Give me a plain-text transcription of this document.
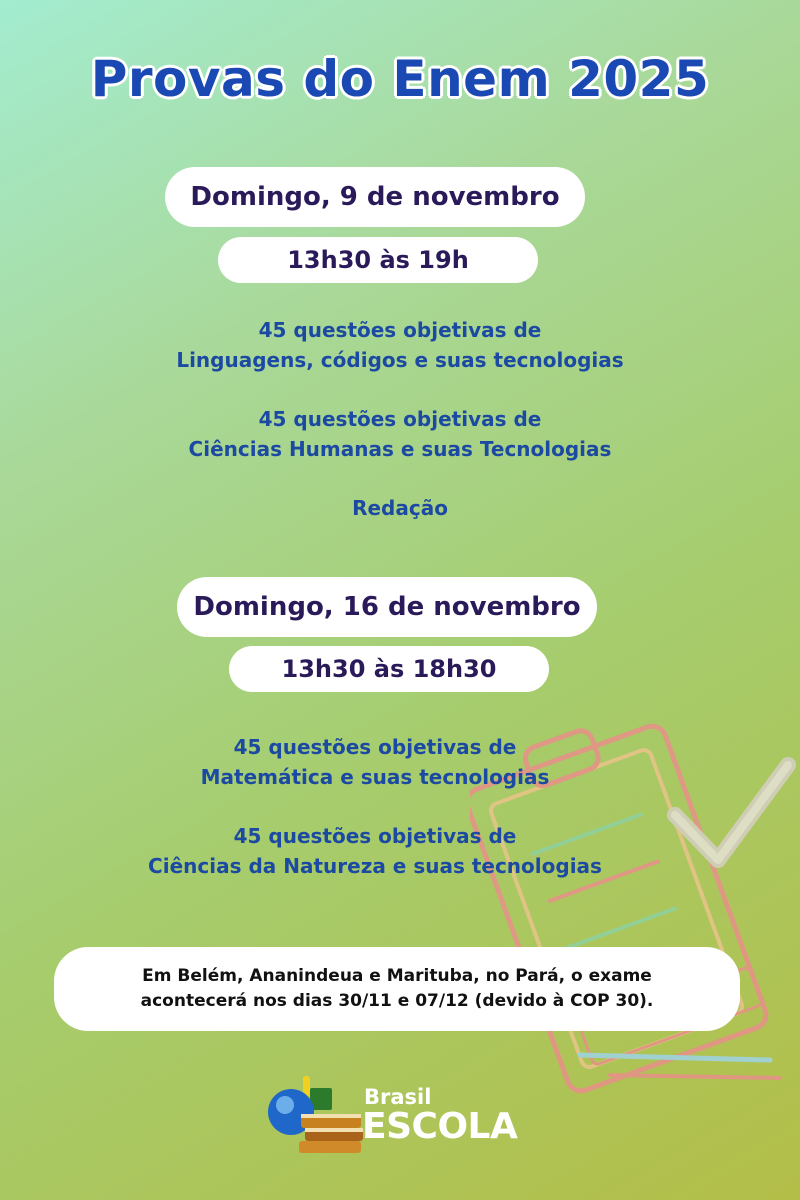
Provas do Enem 2025
Domingo, 9 de novembro
13h30 às 19h
45 questões objetivas de
Linguagens, códigos e suas tecnologias
45 questões objetivas de
Ciências Humanas e suas Tecnologias
Redação
Domingo, 16 de novembro
13h30 às 18h30
45 questões objetivas de
Matemática e suas tecnologias
45 questões objetivas de
Ciências da Natureza e suas tecnologias
Em Belém, Ananindeua e Marituba, no Pará, o exame
acontecerá nos dias 30/11 e 07/12 (devido à COP 30).
Brasil
ESCOLA
